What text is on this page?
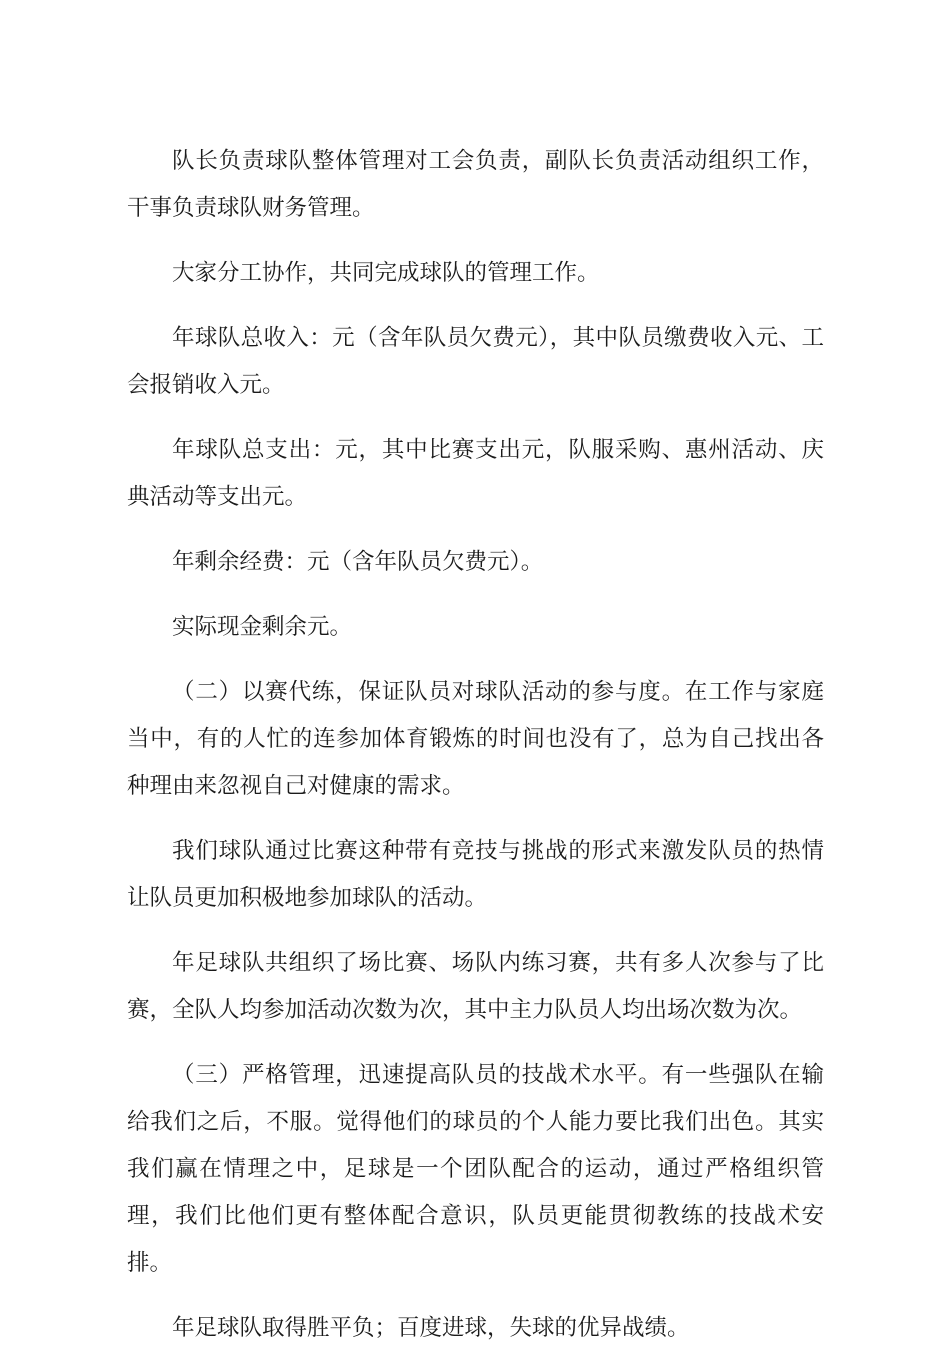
队长负责球队整体管理对工会负责，副队长负责活动组织工作，干事负责球队财务管理。

大家分工协作，共同完成球队的管理工作。

年球队总收入：元（含年队员欠费元），其中队员缴费收入元、工会报销收入元。

年球队总支出：元，其中比赛支出元，队服采购、惠州活动、庆典活动等支出元。

年剩余经费：元（含年队员欠费元）。

实际现金剩余元。

（二）以赛代练，保证队员对球队活动的参与度。在工作与家庭当中，有的人忙的连参加体育锻炼的时间也没有了，总为自己找出各种理由来忽视自己对健康的需求。

我们球队通过比赛这种带有竞技与挑战的形式来激发队员的热情让队员更加积极地参加球队的活动。

年足球队共组织了场比赛、场队内练习赛，共有多人次参与了比赛，全队人均参加活动次数为次，其中主力队员人均出场次数为次。

（三）严格管理，迅速提高队员的技战术水平。有一些强队在输给我们之后，不服。觉得他们的球员的个人能力要比我们出色。其实我们赢在情理之中，足球是一个团队配合的运动，通过严格组织管理，我们比他们更有整体配合意识，队员更能贯彻教练的技战术安排。

年足球队取得胜平负；百度进球，失球的优异战绩。
